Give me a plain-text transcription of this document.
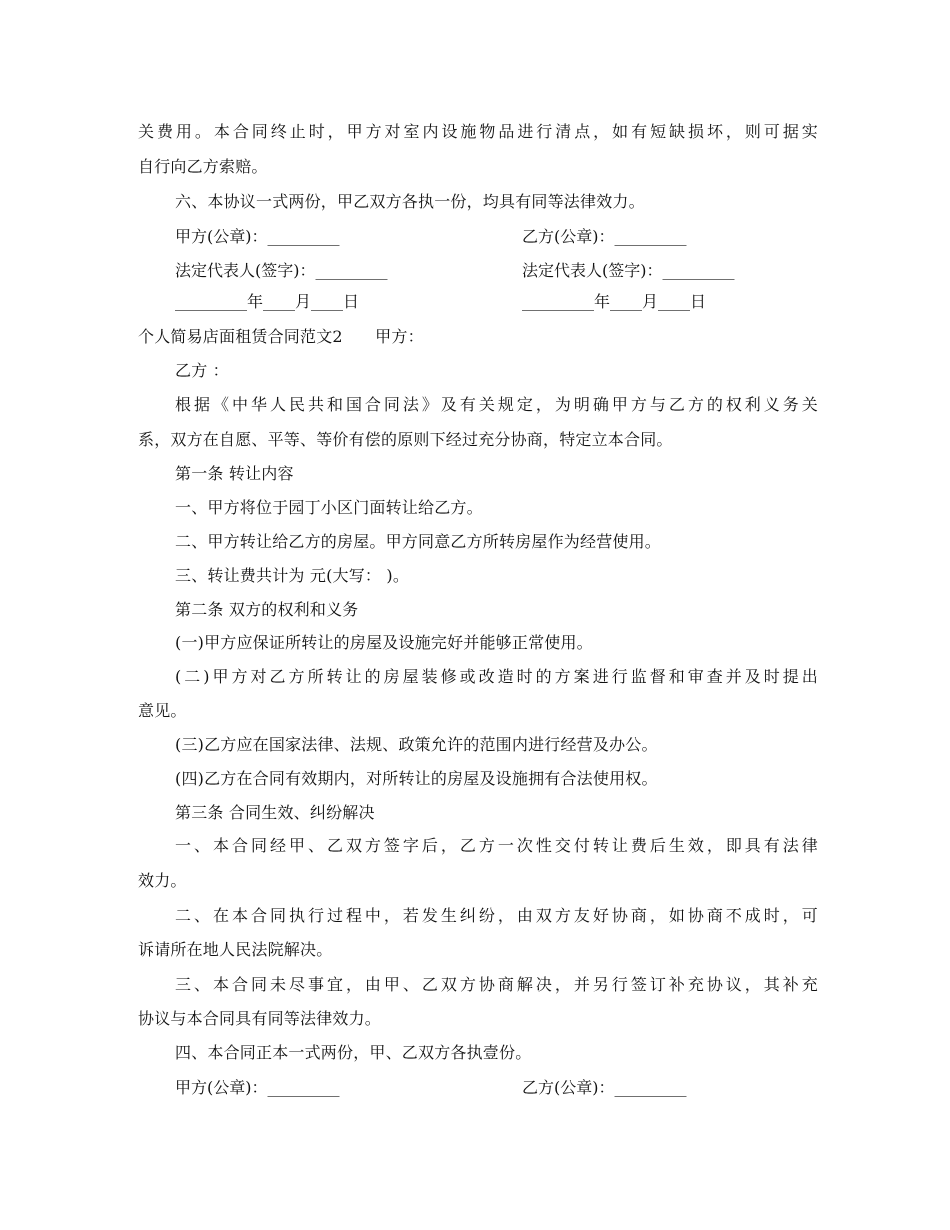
关费用。本合同终止时，甲方对室内设施物品进行清点，如有短缺损坏，则可据实
自行向乙方索赔。
六、本协议一式两份，甲乙双方各执一份，均具有同等法律效力。
甲方(公章)：_________	乙方(公章)：_________
法定代表人(签字)：_________	法定代表人(签字)：_________
_________年____月____日	_________年____月____日
个人简易店面租赁合同范文2　　甲方：
乙方 ：
根据《中华人民共和国合同法》及有关规定，为明确甲方与乙方的权利义务关
系，双方在自愿、平等、等价有偿的原则下经过充分协商，特定立本合同。
第一条 转让内容
一、甲方将位于园丁小区门面转让给乙方。
二、甲方转让给乙方的房屋。甲方同意乙方所转房屋作为经营使用。
三、转让费共计为 元(大写： )。
第二条 双方的权利和义务
(一)甲方应保证所转让的房屋及设施完好并能够正常使用。
(二)甲方对乙方所转让的房屋装修或改造时的方案进行监督和审查并及时提出
意见。
(三)乙方应在国家法律、法规、政策允许的范围内进行经营及办公。
(四)乙方在合同有效期内，对所转让的房屋及设施拥有合法使用权。
第三条 合同生效、纠纷解决
一、本合同经甲、乙双方签字后，乙方一次性交付转让费后生效，即具有法律
效力。
二、在本合同执行过程中，若发生纠纷，由双方友好协商，如协商不成时，可
诉请所在地人民法院解决。
三、本合同未尽事宜，由甲、乙双方协商解决，并另行签订补充协议，其补充
协议与本合同具有同等法律效力。
四、本合同正本一式两份，甲、乙双方各执壹份。
甲方(公章)：_________	乙方(公章)：_________
